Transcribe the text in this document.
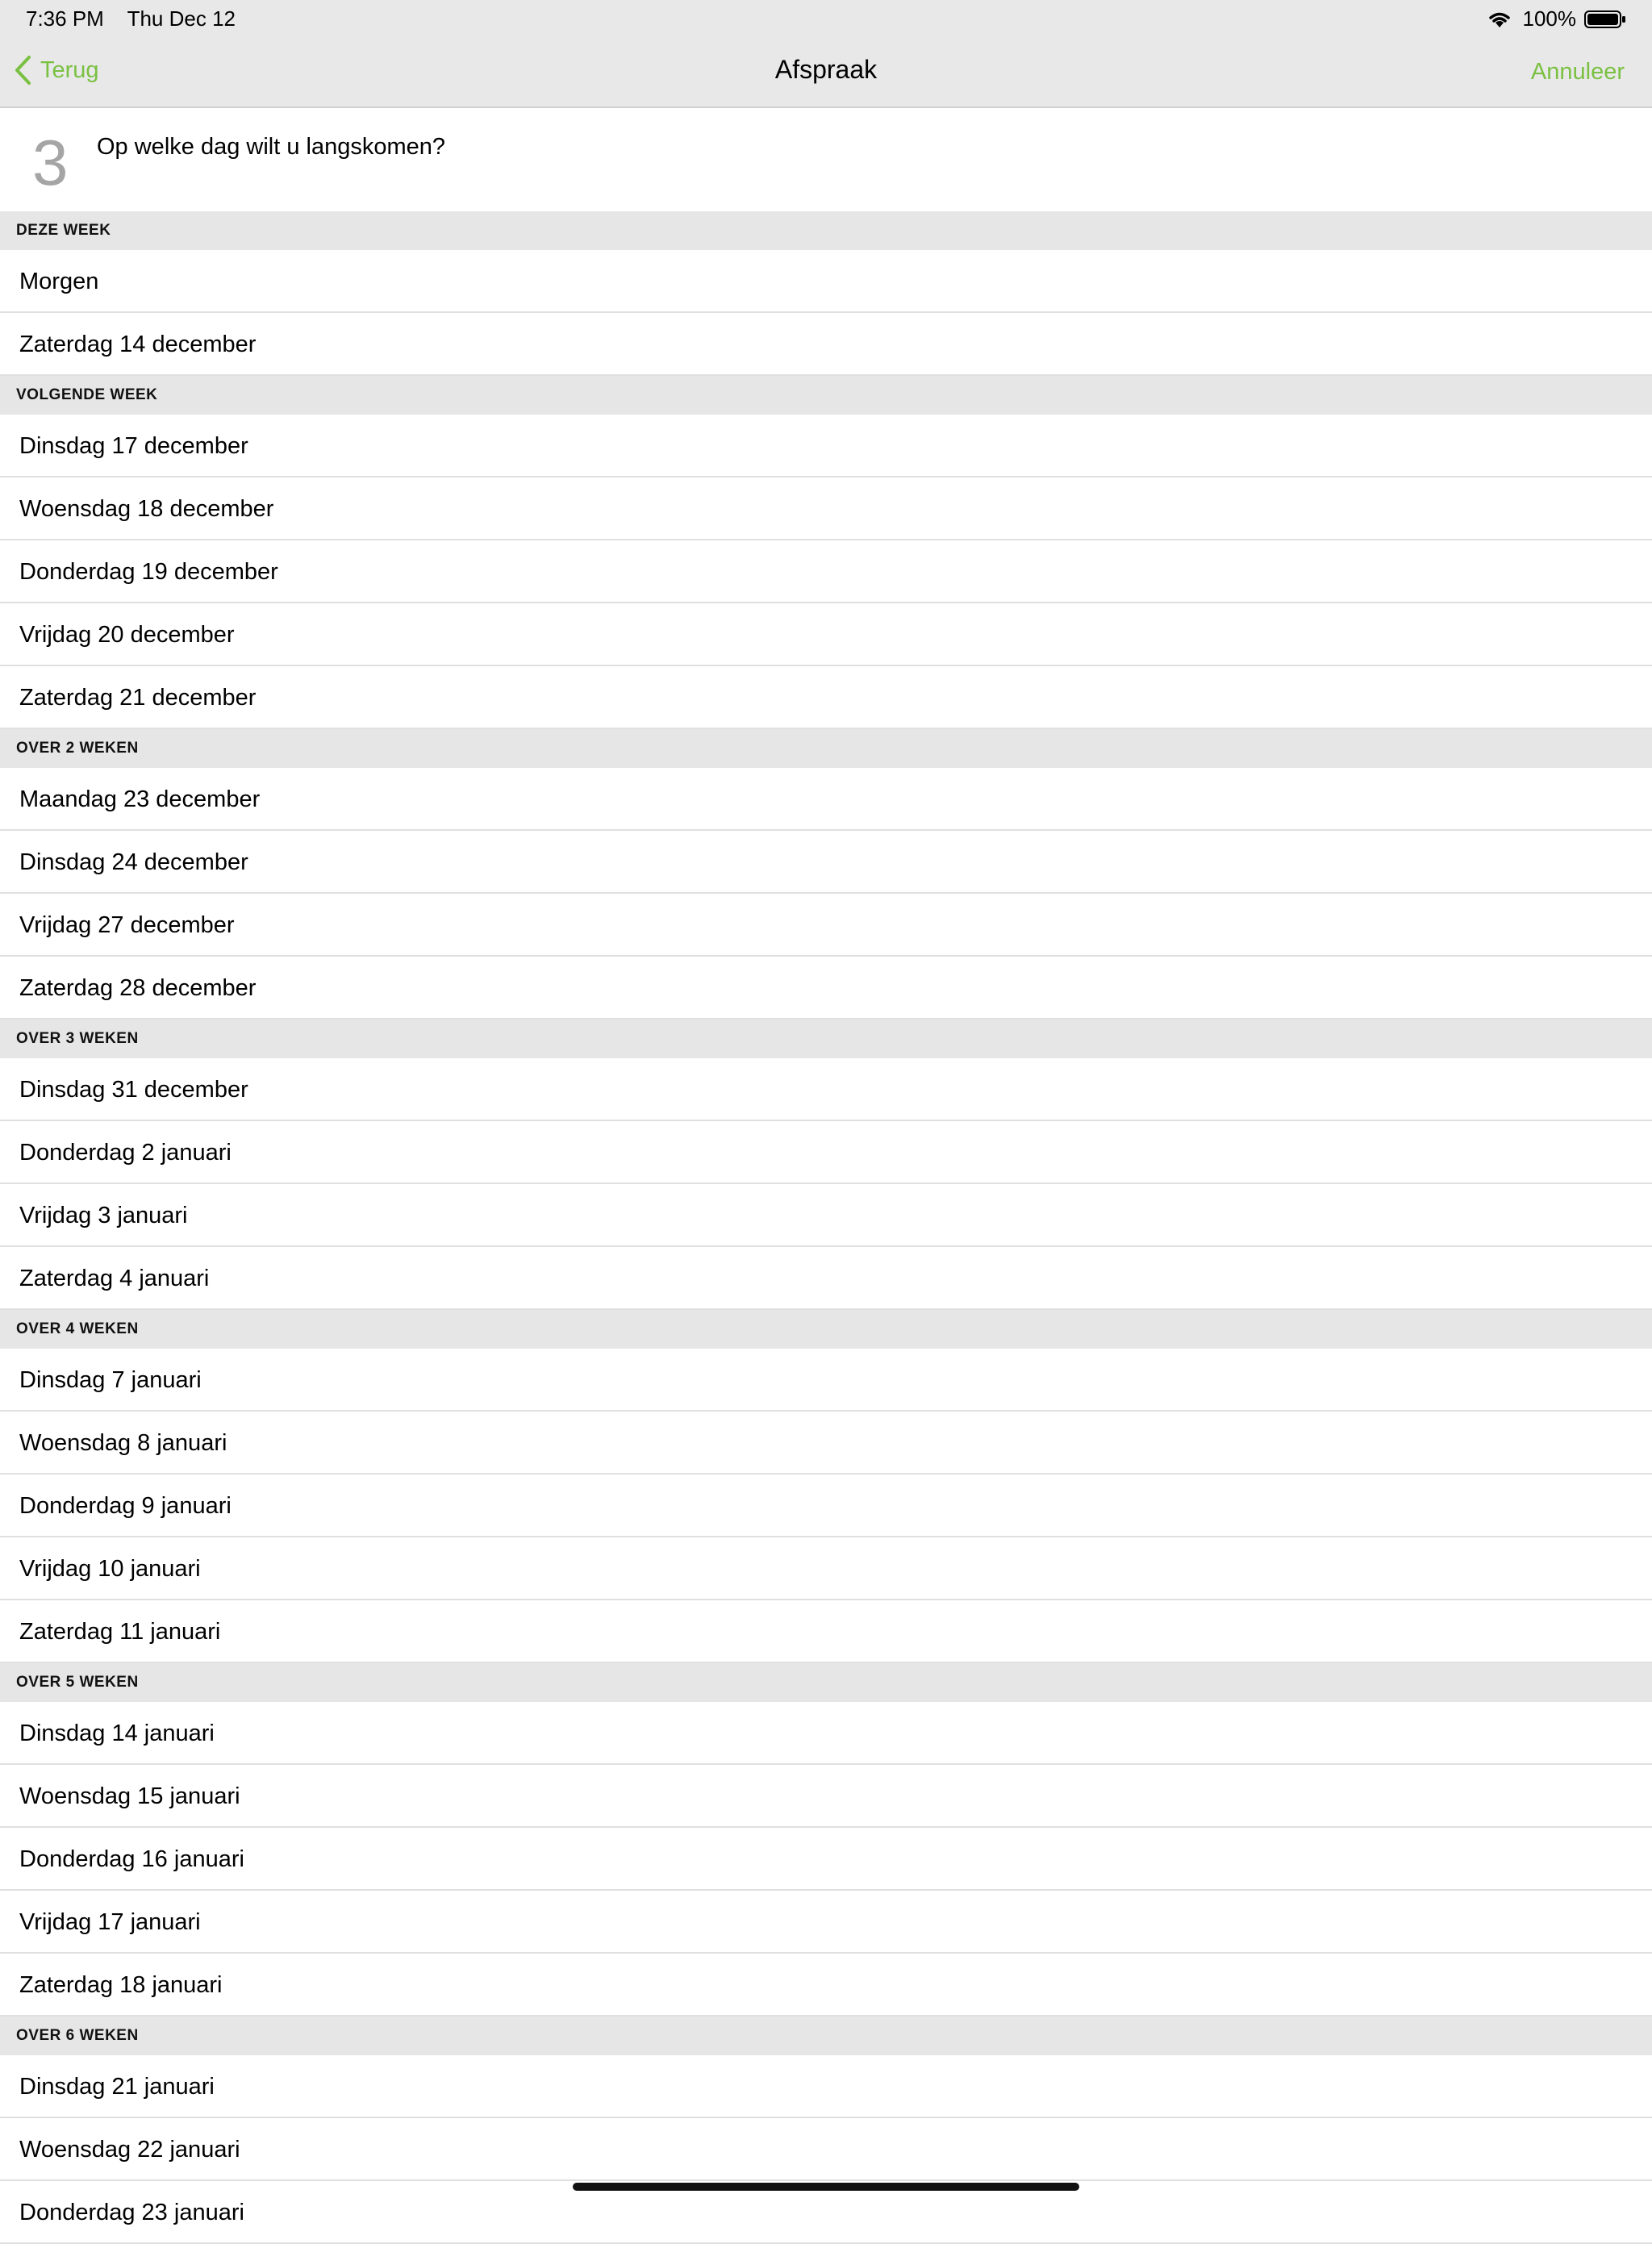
7:36 PM Thu Dec 12	100%
Terug	Afspraak	Annuleer
3 Op welke dag wilt u langskomen?
DEZE WEEK
Morgen
Zaterdag 14 december
VOLGENDE WEEK
Dinsdag 17 december
Woensdag 18 december
Donderdag 19 december
Vrijdag 20 december
Zaterdag 21 december
OVER 2 WEKEN
Maandag 23 december
Dinsdag 24 december
Vrijdag 27 december
Zaterdag 28 december
OVER 3 WEKEN
Dinsdag 31 december
Donderdag 2 januari
Vrijdag 3 januari
Zaterdag 4 januari
OVER 4 WEKEN
Dinsdag 7 januari
Woensdag 8 januari
Donderdag 9 januari
Vrijdag 10 januari
Zaterdag 11 januari
OVER 5 WEKEN
Dinsdag 14 januari
Woensdag 15 januari
Donderdag 16 januari
Vrijdag 17 januari
Zaterdag 18 januari
OVER 6 WEKEN
Dinsdag 21 januari
Woensdag 22 januari
Donderdag 23 januari
